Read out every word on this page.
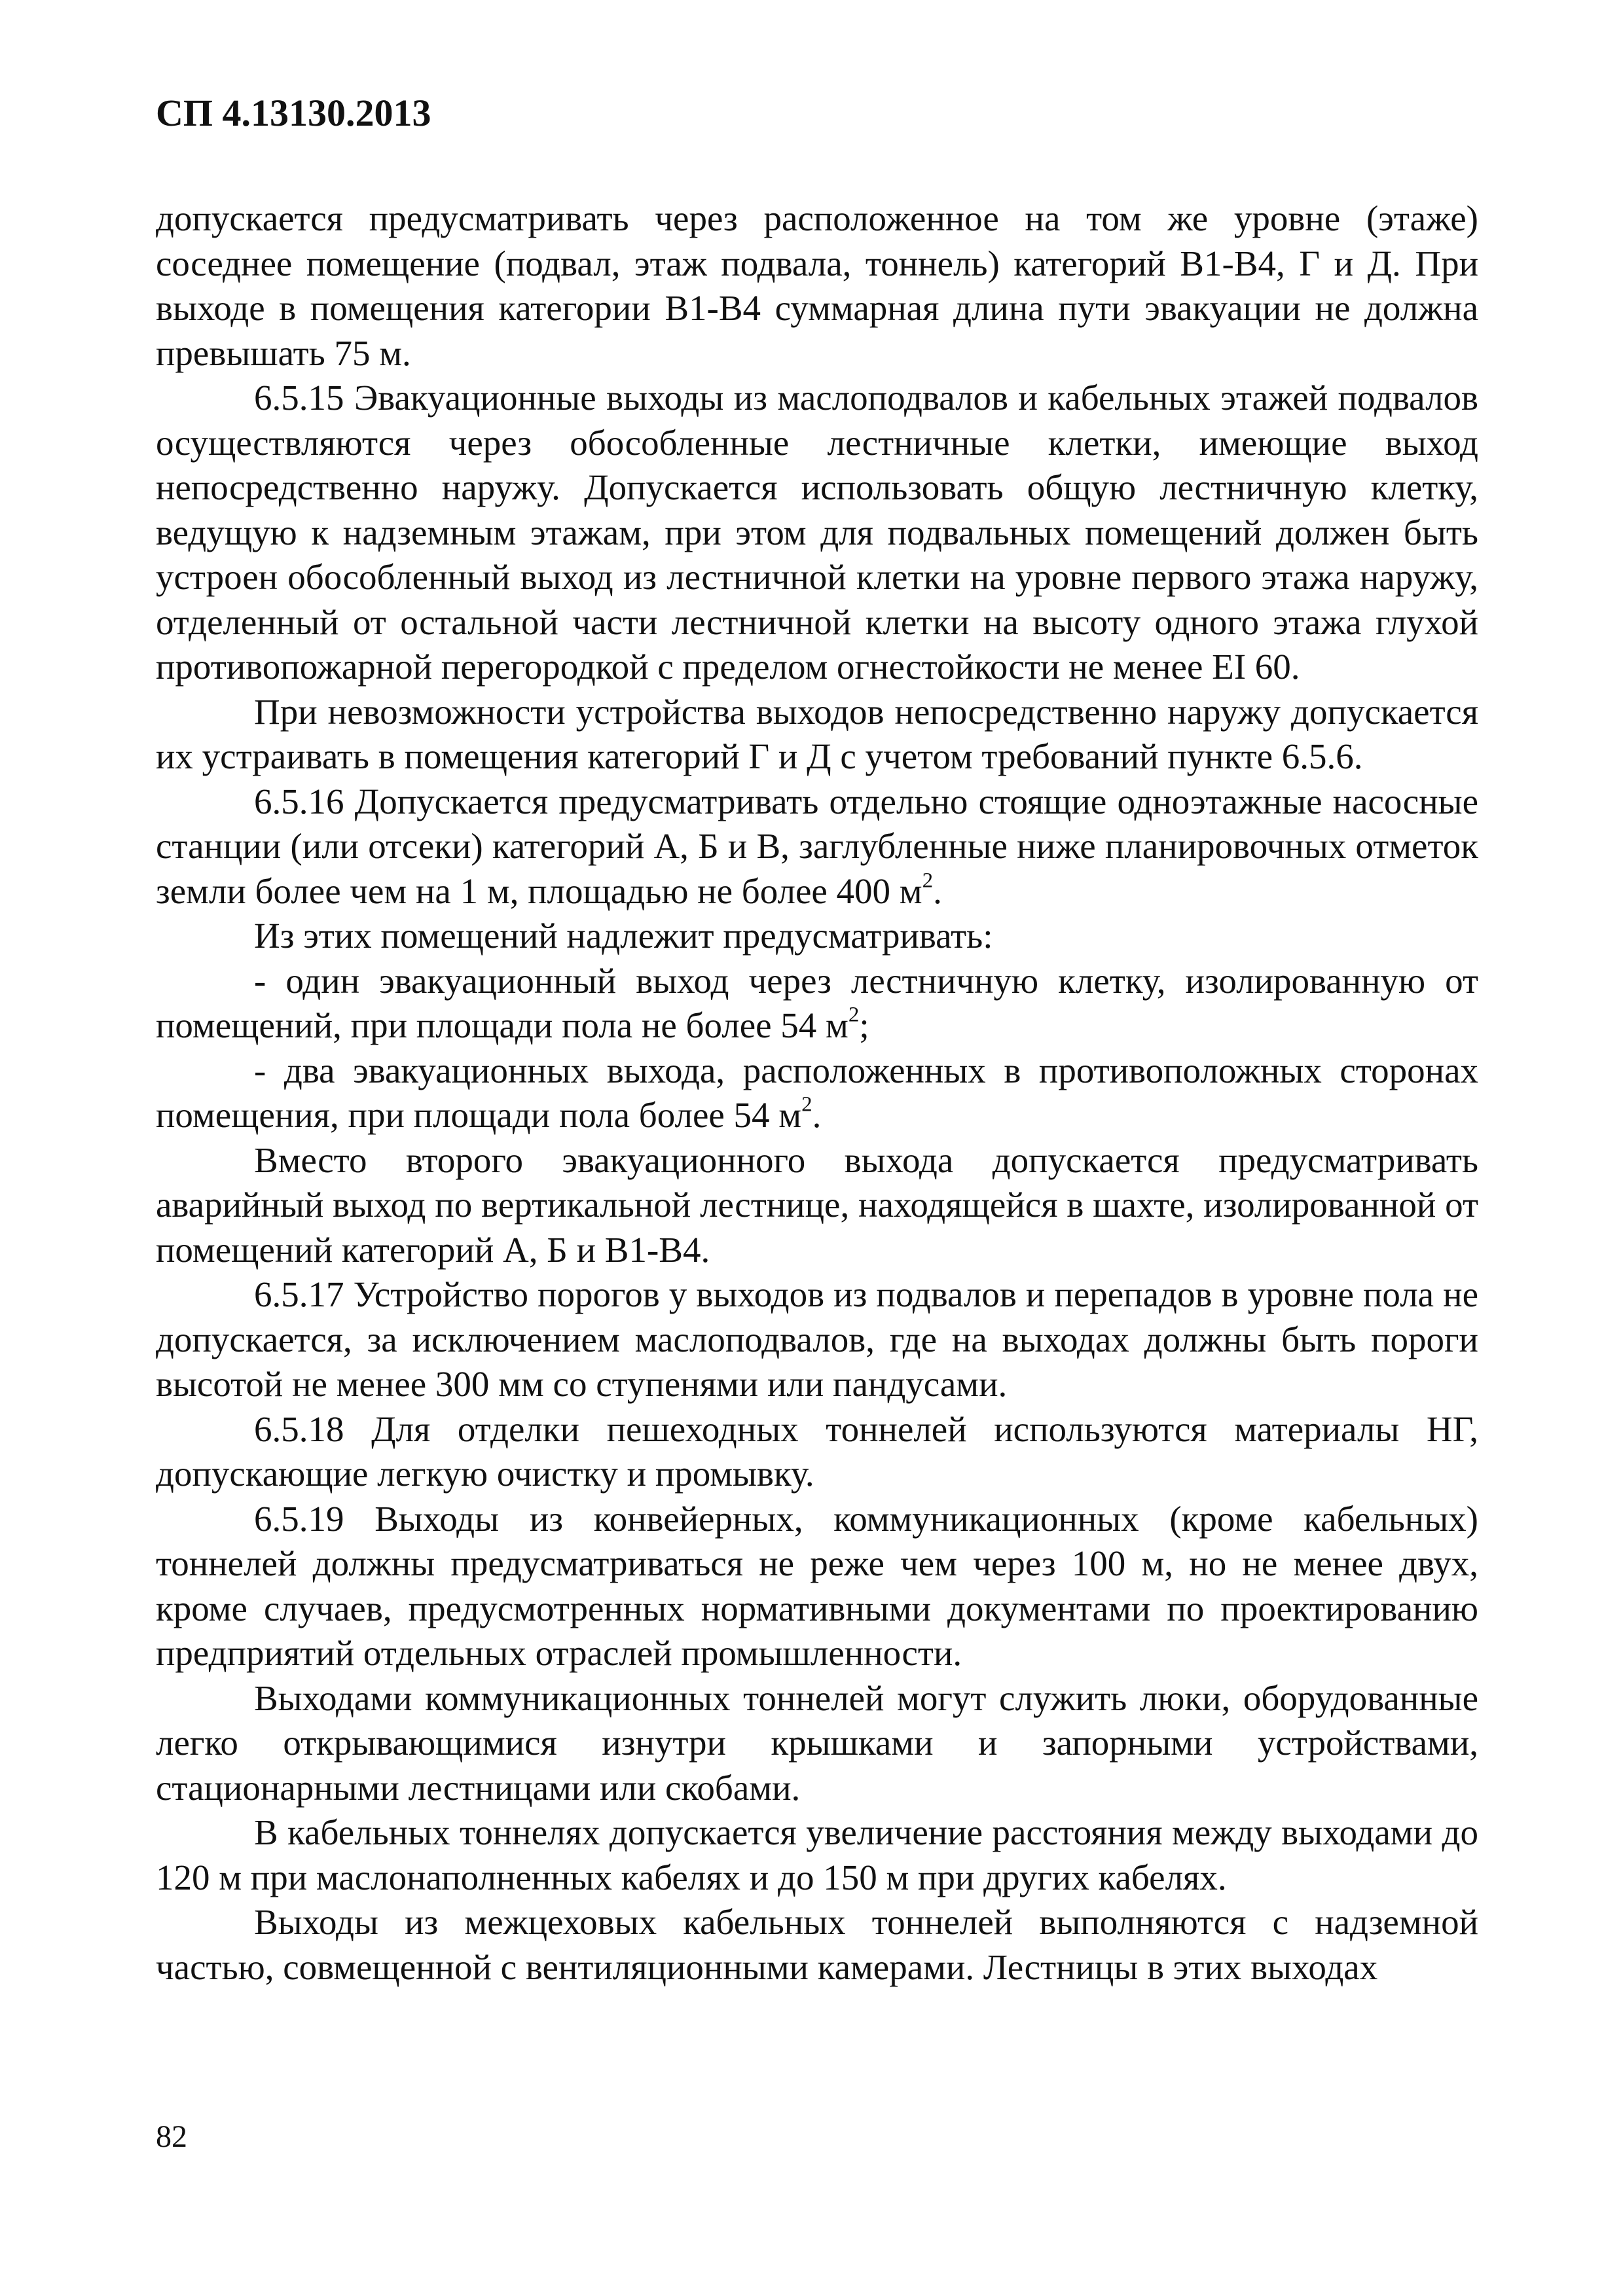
СП 4.13130.2013

допускается предусматривать через расположенное на том же уровне (этаже) соседнее помещение (подвал, этаж подвала, тоннель) категорий В1-В4, Г и Д. При выходе в помещения категории В1-В4 суммарная длина пути эвакуации не должна превышать 75 м.

6.5.15 Эвакуационные выходы из маслоподвалов и кабельных этажей подвалов осуществляются через обособленные лестничные клетки, имеющие выход непосредственно наружу. Допускается использовать общую лестничную клетку, ведущую к надземным этажам, при этом для подвальных помещений должен быть устроен обособленный выход из лестничной клетки на уровне первого этажа наружу, отделенный от остальной части лестничной клетки на высоту одного этажа глухой противопожарной перегородкой с пределом огнестойкости не менее EI 60.

При невозможности устройства выходов непосредственно наружу допускается их устраивать в помещения категорий Г и Д с учетом требований пункте 6.5.6.

6.5.16 Допускается предусматривать отдельно стоящие одноэтажные насосные станции (или отсеки) категорий А, Б и В, заглубленные ниже планировочных отметок земли более чем на 1 м, площадью не более 400 $м^2$.

Из этих помещений надлежит предусматривать:

- один эвакуационный выход через лестничную клетку, изолированную от помещений, при площади пола не более 54 $м^2$;

- два эвакуационных выхода, расположенных в противоположных сторонах помещения, при площади пола более 54 $м^2$.

Вместо второго эвакуационного выхода допускается предусматривать аварийный выход по вертикальной лестнице, находящейся в шахте, изолированной от помещений категорий А, Б и В1-В4.

6.5.17 Устройство порогов у выходов из подвалов и перепадов в уровне пола не допускается, за исключением маслоподвалов, где на выходах должны быть пороги высотой не менее 300 мм со ступенями или пандусами.

6.5.18 Для отделки пешеходных тоннелей используются материалы НГ, допускающие легкую очистку и промывку.

6.5.19 Выходы из конвейерных, коммуникационных (кроме кабельных) тоннелей должны предусматриваться не реже чем через 100 м, но не менее двух, кроме случаев, предусмотренных нормативными документами по проектированию предприятий отдельных отраслей промышленности.

Выходами коммуникационных тоннелей могут служить люки, оборудованные легко открывающимися изнутри крышками и запорными устройствами, стационарными лестницами или скобами.

В кабельных тоннелях допускается увеличение расстояния между выходами до 120 м при маслонаполненных кабелях и до 150 м при других кабелях.

Выходы из межцеховых кабельных тоннелей выполняются с надземной частью, совмещенной с вентиляционными камерами. Лестницы в этих выходах

82
